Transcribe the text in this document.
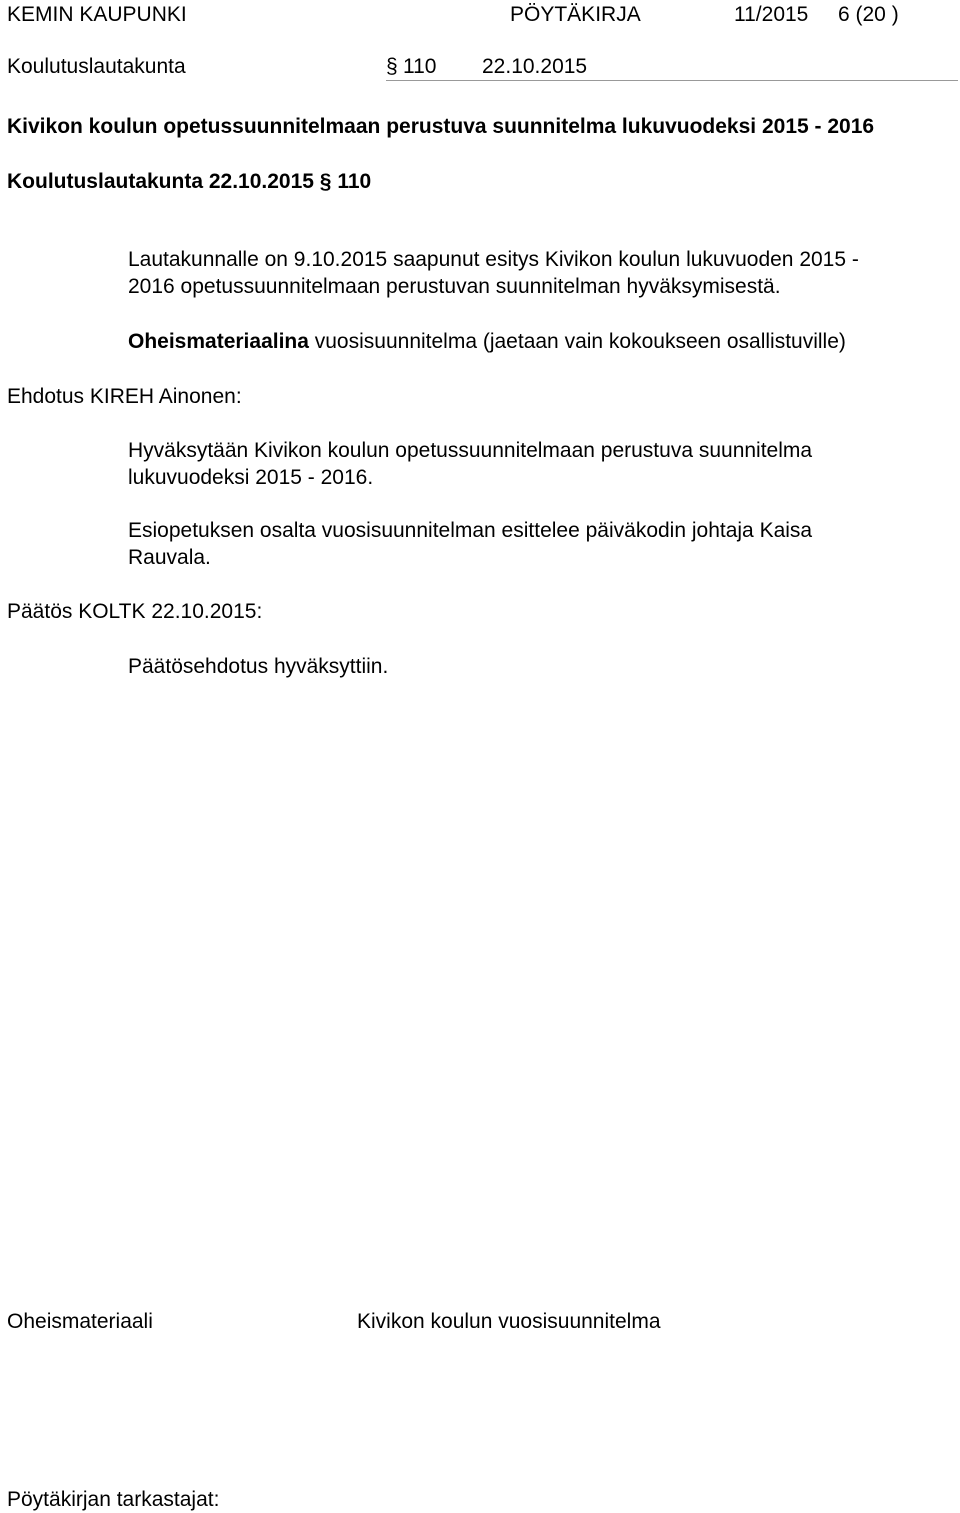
KEMIN KAUPUNKI	PÖYTÄKIRJA	11/2015 6 (20 )
Koulutuslautakunta	§ 110 22.10.2015
Kivikon koulun opetussuunnitelmaan perustuva suunnitelma lukuvuodeksi 2015 - 2016
Koulutuslautakunta 22.10.2015 § 110
Lautakunnalle on 9.10.2015 saapunut esitys Kivikon koulun lukuvuoden 2015 -
2016 opetussuunnitelmaan perustuvan suunnitelman hyväksymisestä.
Oheismateriaalina vuosisuunnitelma (jaetaan vain kokoukseen osallistuville)
Ehdotus KIREH Ainonen:
Hyväksytään Kivikon koulun opetussuunnitelmaan perustuva suunnitelma
lukuvuodeksi 2015 - 2016.
Esiopetuksen osalta vuosisuunnitelman esittelee päiväkodin johtaja Kaisa
Rauvala.
Päätös KOLTK 22.10.2015:
Päätösehdotus hyväksyttiin.
Oheismateriaali	Kivikon koulun vuosisuunnitelma
Pöytäkirjan tarkastajat:
